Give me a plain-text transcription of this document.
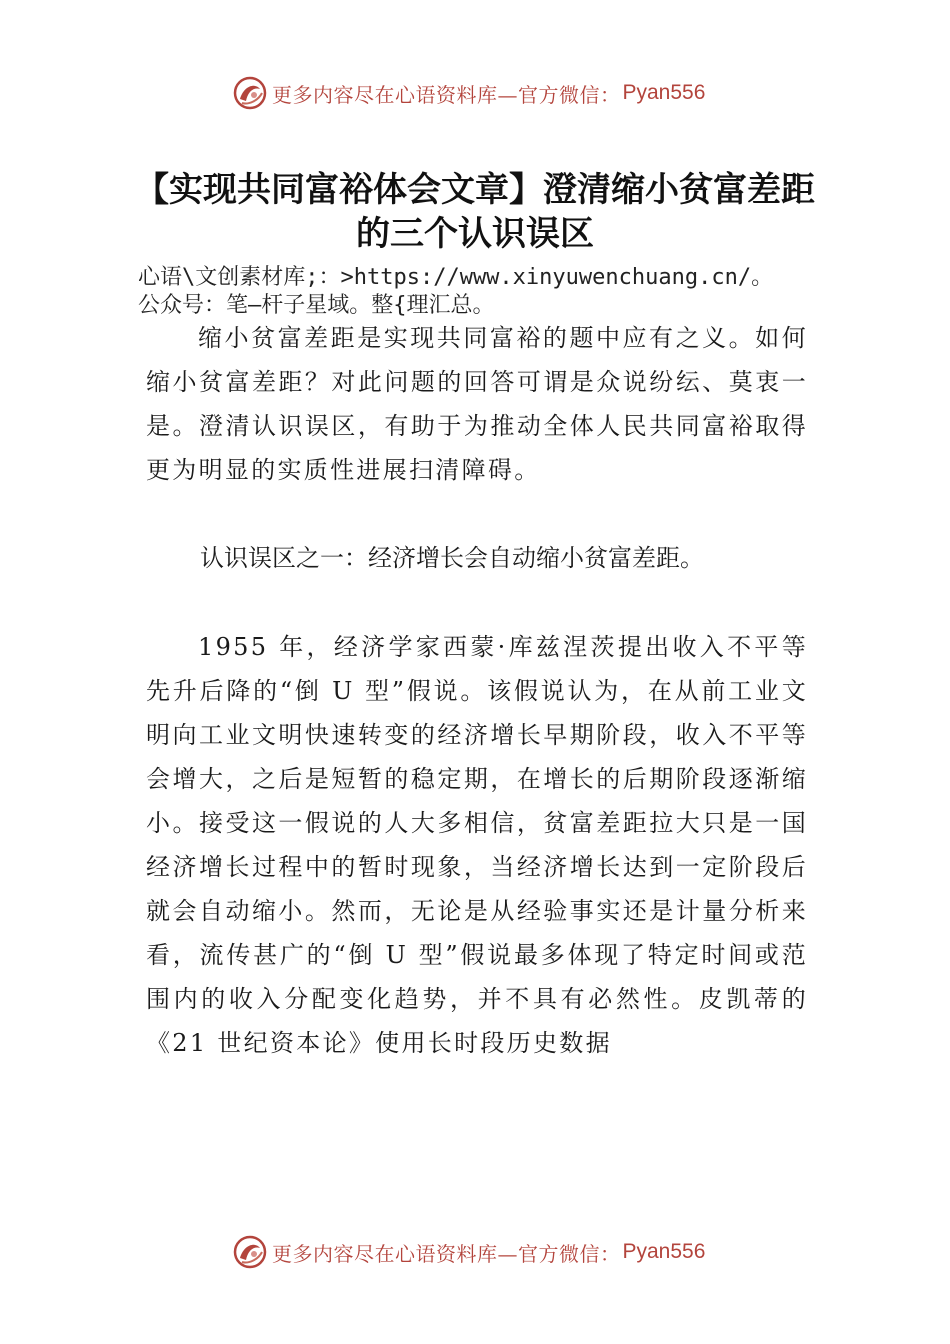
更多内容尽在心语资料库—官方微信： Pyan556
【实现共同富裕体会文章】澄清缩小贫富差距的三个认识误区
心语\文创素材库;：>https://www.xinyuwenchuang.cn/。
公众号：笔—杆子星域。整{理汇总。

缩小贫富差距是实现共同富裕的题中应有之义。如何缩小贫富差距？对此问题的回答可谓是众说纷纭、莫衷一是。澄清认识误区，有助于为推动全体人民共同富裕取得更为明显的实质性进展扫清障碍。

认识误区之一：经济增长会自动缩小贫富差距。

1955 年，经济学家西蒙·库兹涅茨提出收入不平等先升后降的“倒 U 型”假说。该假说认为，在从前工业文明向工业文明快速转变的经济增长早期阶段，收入不平等会增大，之后是短暂的稳定期，在增长的后期阶段逐渐缩小。接受这一假说的人大多相信，贫富差距拉大只是一国经济增长过程中的暂时现象，当经济增长达到一定阶段后就会自动缩小。然而，无论是从经验事实还是计量分析来看，流传甚广的“倒 U 型”假说最多体现了特定时间或范围内的收入分配变化趋势，并不具有必然性。皮凯蒂的《21 世纪资本论》使用长时段历史数据

更多内容尽在心语资料库—官方微信： Pyan556
